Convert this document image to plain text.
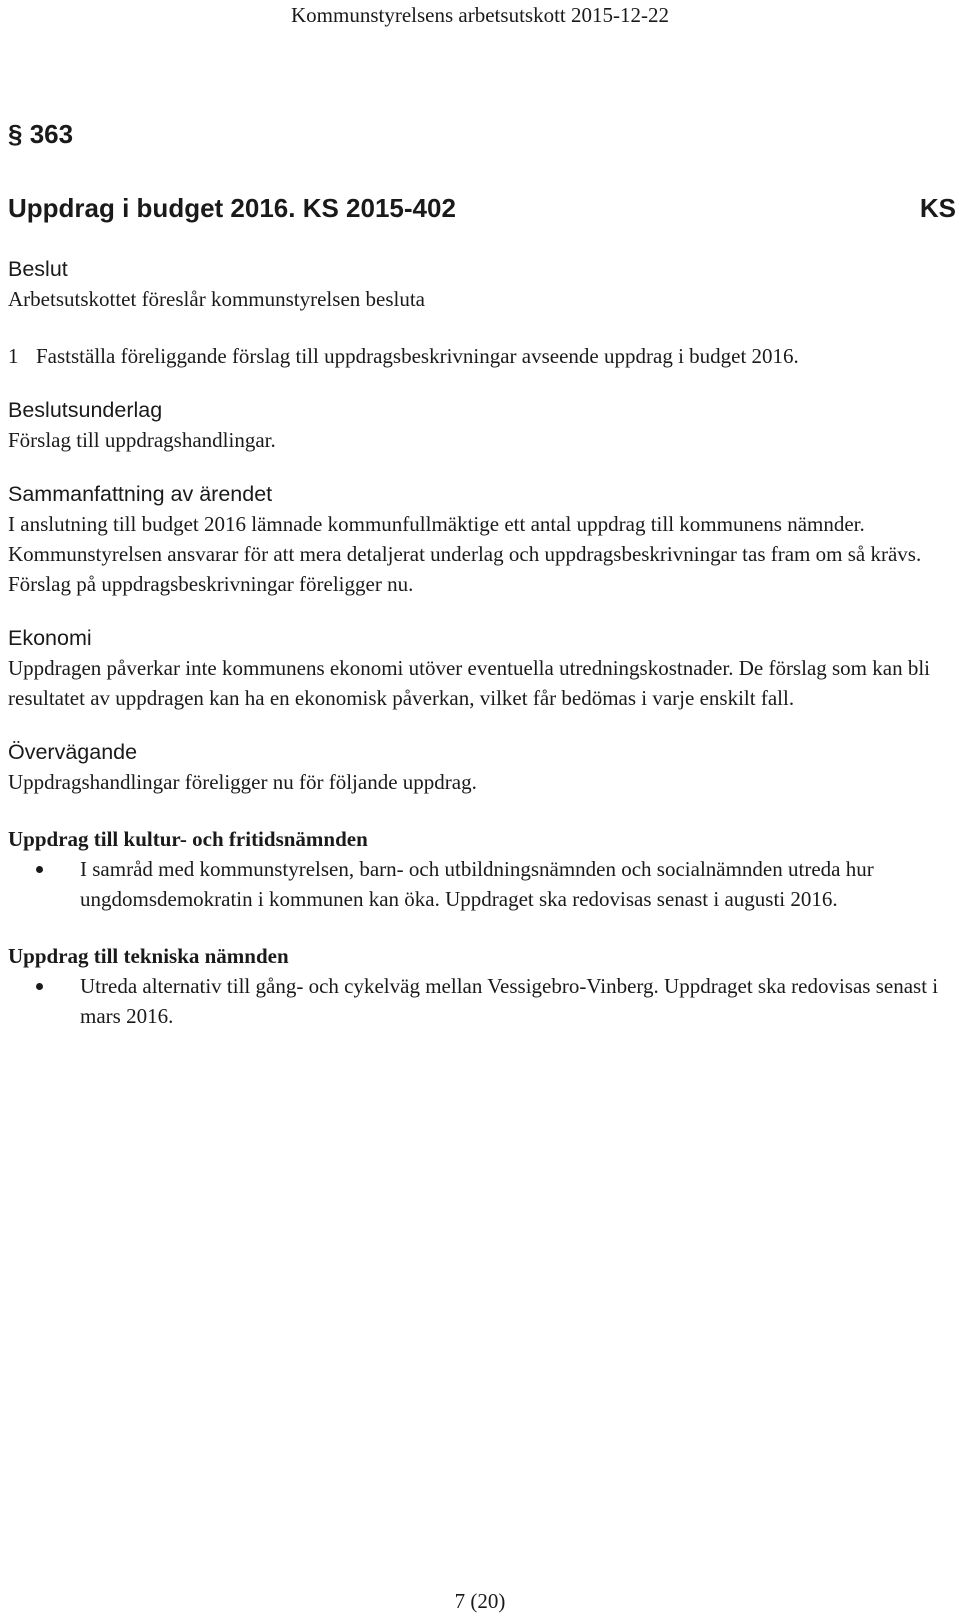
Kommunstyrelsens arbetsutskott 2015-12-22
§ 363
Uppdrag i budget 2016. KS 2015-402	KS

Beslut

Arbetsutskottet föreslår kommunstyrelsen besluta

1 Fastställa föreliggande förslag till uppdragsbeskrivningar avseende uppdrag i budget 2016.

Beslutsunderlag

Förslag till uppdragshandlingar.

Sammanfattning av ärendet

I anslutning till budget 2016 lämnade kommunfullmäktige ett antal uppdrag till kommunens nämnder. Kommunstyrelsen ansvarar för att mera detaljerat underlag och uppdragsbeskrivningar tas fram om så krävs. Förslag på uppdragsbeskrivningar föreligger nu.

Ekonomi

Uppdragen påverkar inte kommunens ekonomi utöver eventuella utredningskostnader. De förslag som kan bli resultatet av uppdragen kan ha en ekonomisk påverkan, vilket får bedömas i varje enskilt fall.

Övervägande

Uppdragshandlingar föreligger nu för följande uppdrag.

Uppdrag till kultur- och fritidsnämnden

I samråd med kommunstyrelsen, barn- och utbildningsnämnden och socialnämnden utreda hur ungdomsdemokratin i kommunen kan öka. Uppdraget ska redovisas senast i augusti 2016.

Uppdrag till tekniska nämnden

Utreda alternativ till gång- och cykelväg mellan Vessigebro-Vinberg. Uppdraget ska redovisas senast i mars 2016.
7 (20)
